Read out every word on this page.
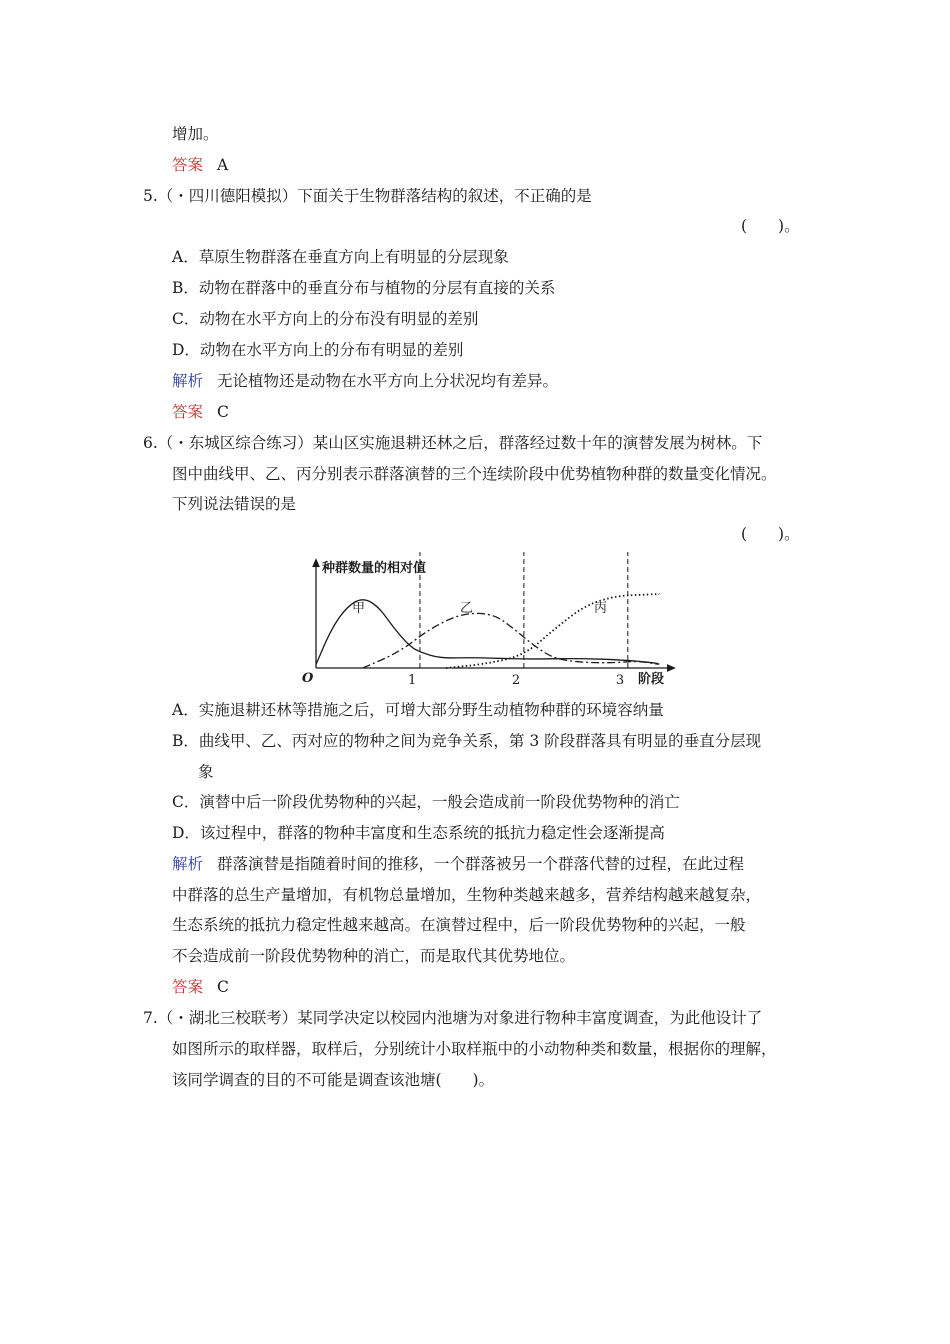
增加。
答案 A
5.（・四川德阳模拟）下面关于生物群落结构的叙述，不正确的是
(　　)。
A．草原生物群落在垂直方向上有明显的分层现象
B．动物在群落中的垂直分布与植物的分层有直接的关系
C．动物在水平方向上的分布没有明显的差别
D．动物在水平方向上的分布有明显的差别
解析 无论植物还是动物在水平方向上分状况均有差异。
答案 C
6.（・东城区综合练习）某山区实施退耕还林之后，群落经过数十年的演替发展为树林。下
图中曲线甲、乙、丙分别表示群落演替的三个连续阶段中优势植物种群的数量变化情况。
下列说法错误的是
(　　)。
种群数量的相对值
阶段
O	1	2	3
甲	乙	丙
A．实施退耕还林等措施之后，可增大部分野生动植物种群的环境容纳量
B．曲线甲、乙、丙对应的物种之间为竞争关系，第 3 阶段群落具有明显的垂直分层现
象
C．演替中后一阶段优势物种的兴起，一般会造成前一阶段优势物种的消亡
D．该过程中，群落的物种丰富度和生态系统的抵抗力稳定性会逐渐提高
解析 群落演替是指随着时间的推移，一个群落被另一个群落代替的过程，在此过程
中群落的总生产量增加，有机物总量增加，生物种类越来越多，营养结构越来越复杂，
生态系统的抵抗力稳定性越来越高。在演替过程中，后一阶段优势物种的兴起，一般
不会造成前一阶段优势物种的消亡，而是取代其优势地位。
答案 C
7.（・湖北三校联考）某同学决定以校园内池塘为对象进行物种丰富度调查，为此他设计了
如图所示的取样器，取样后，分别统计小取样瓶中的小动物种类和数量，根据你的理解，
该同学调查的目的不可能是调查该池塘(　　)。
